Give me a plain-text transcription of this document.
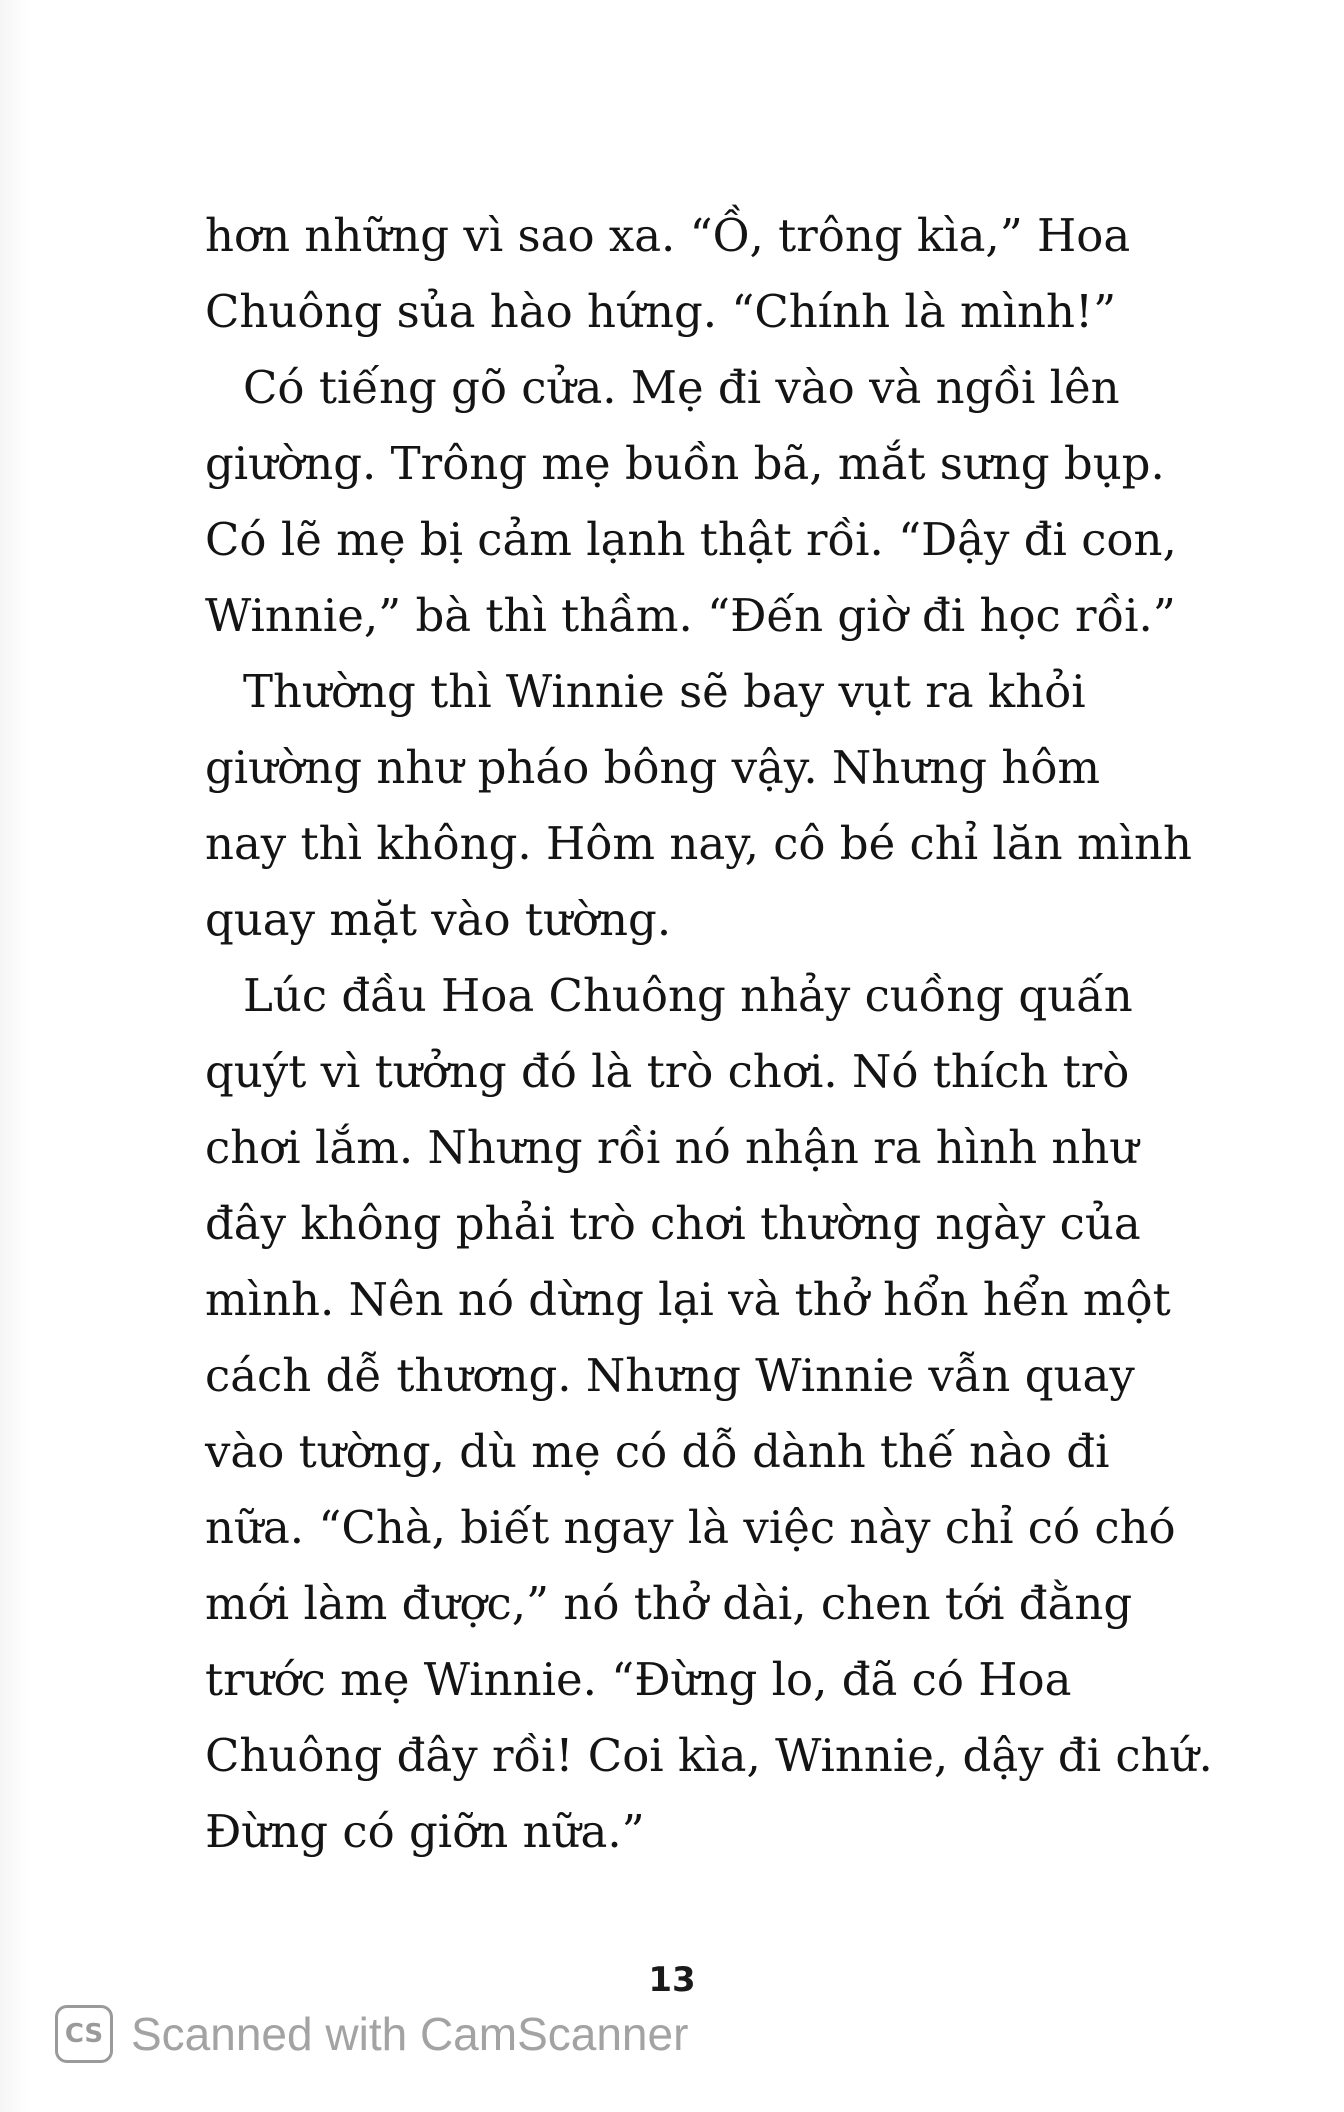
hơn những vì sao xa. “Ồ, trông kìa,” Hoa
Chuông sủa hào hứng. “Chính là mình!”
Có tiếng gõ cửa. Mẹ đi vào và ngồi lên
giường. Trông mẹ buồn bã, mắt sưng bụp.
Có lẽ mẹ bị cảm lạnh thật rồi. “Dậy đi con,
Winnie,” bà thì thầm. “Đến giờ đi học rồi.”
Thường thì Winnie sẽ bay vụt ra khỏi
giường như pháo bông vậy. Nhưng hôm
nay thì không. Hôm nay, cô bé chỉ lăn mình
quay mặt vào tường.
Lúc đầu Hoa Chuông nhảy cuồng quấn
quýt vì tưởng đó là trò chơi. Nó thích trò
chơi lắm. Nhưng rồi nó nhận ra hình như
đây không phải trò chơi thường ngày của
mình. Nên nó dừng lại và thở hổn hển một
cách dễ thương. Nhưng Winnie vẫn quay
vào tường, dù mẹ có dỗ dành thế nào đi
nữa. “Chà, biết ngay là việc này chỉ có chó
mới làm được,” nó thở dài, chen tới đằng
trước mẹ Winnie. “Đừng lo, đã có Hoa
Chuông đây rồi! Coi kìa, Winnie, dậy đi chứ.
Đừng có giỡn nữa.”
13
CS Scanned with CamScanner
